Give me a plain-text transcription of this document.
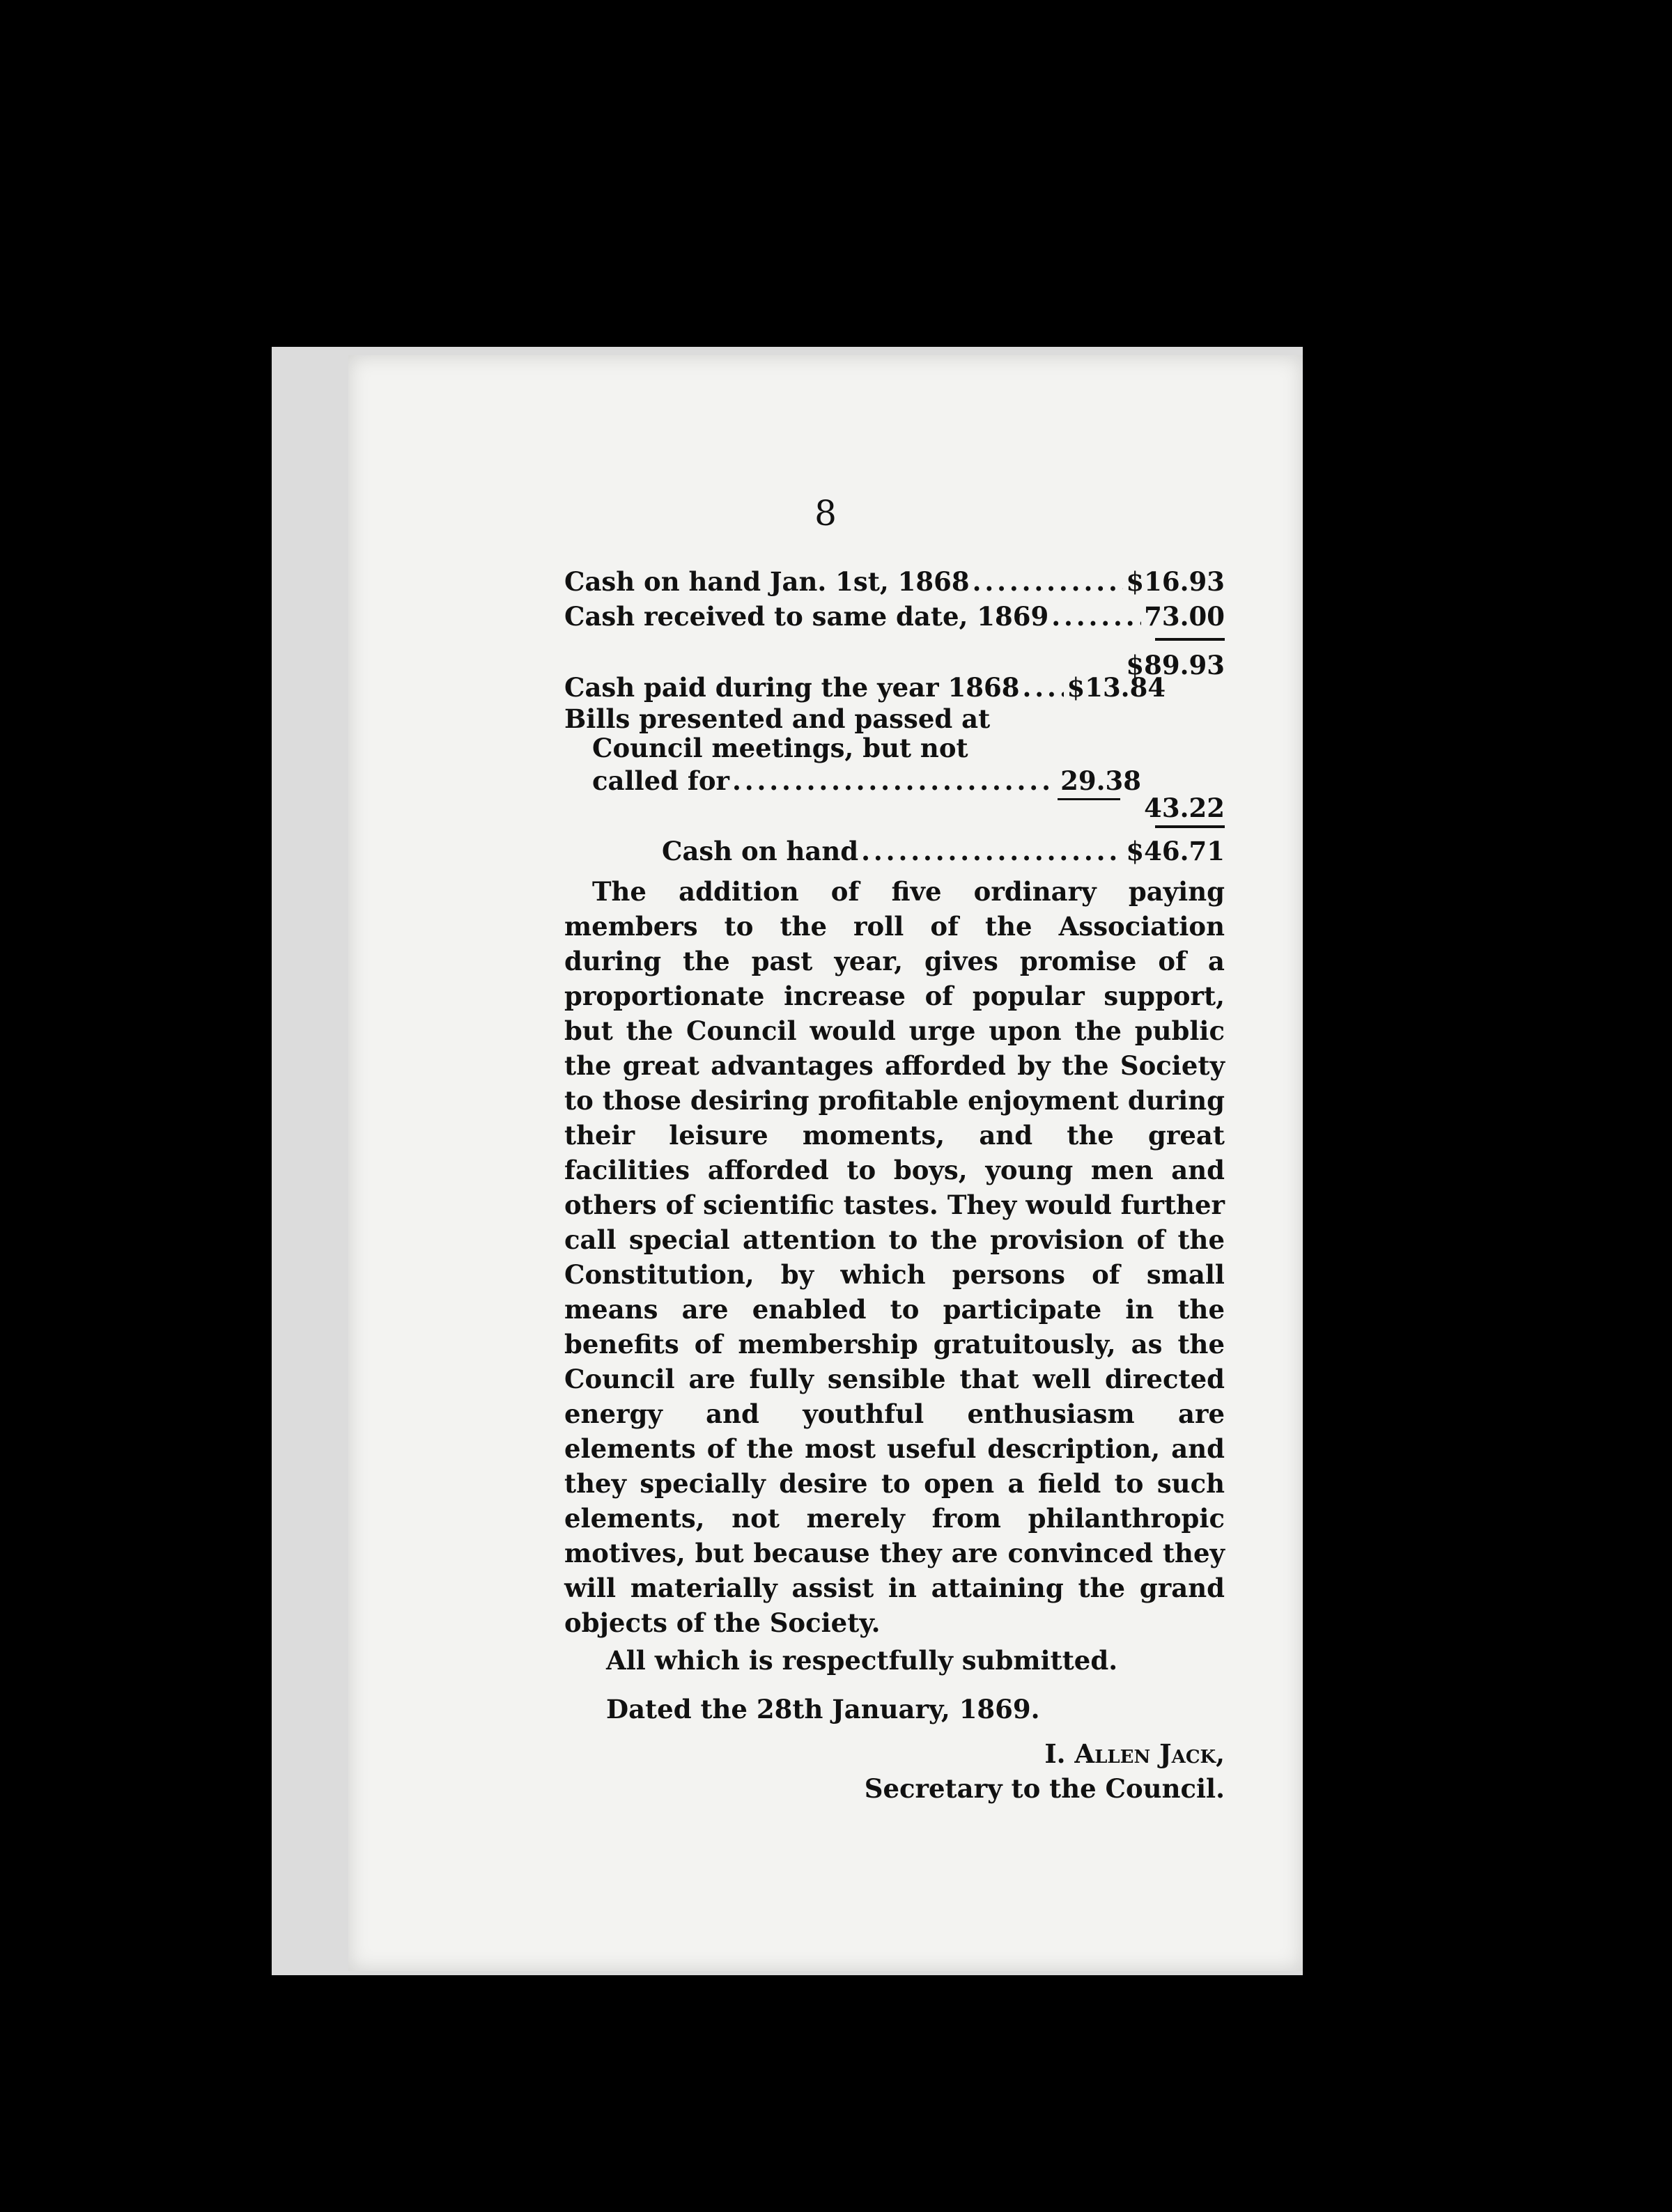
8
Cash on hand Jan. 1st, 1868 . . .	$16.93
Cash received to same date, 1869 . . .	73.00
$89.93
Cash paid during the year 1868 . . . $13.84
Bills presented and passed at
Council meetings, but not
called for . . .	29.38
43.22
Cash on hand . . .	$46.71
The addition of five ordinary paying members to the roll of the Association during the past year, gives promise of a proportionate increase of popular support, but the Council would urge upon the public the great advantages afforded by the Society to those desiring profitable enjoyment during their leisure moments, and the great facilities afforded to boys, young men and others of scientific tastes. They would further call special attention to the provision of the Constitution, by which persons of small means are enabled to participate in the benefits of membership gratuitously, as the Council are fully sensible that well directed energy and youthful enthusiasm are elements of the most useful description, and they specially desire to open a field to such elements, not merely from philanthropic motives, but because they are convinced they will materially assist in attaining the grand objects of the Society.
All which is respectfully submitted.
Dated the 28th January, 1869.
I. Allen Jack,
Secretary to the Council.
